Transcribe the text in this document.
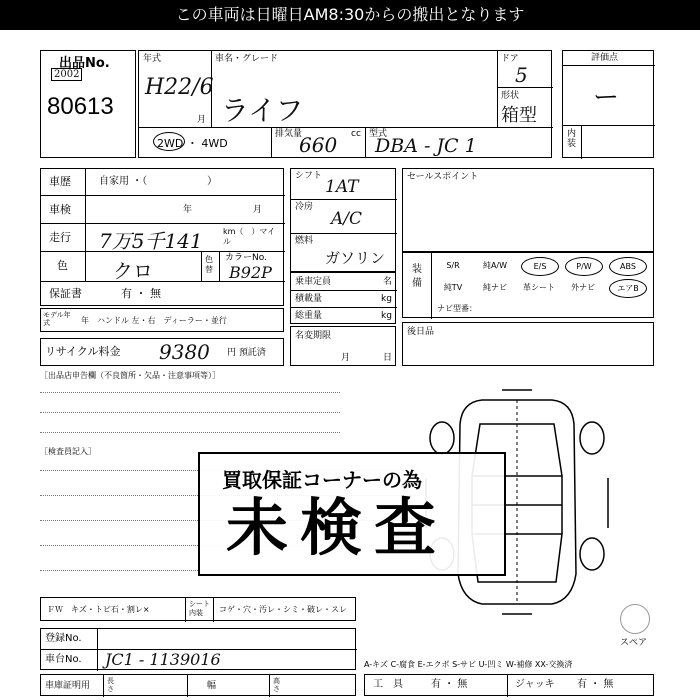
この車両は日曜日AM8:30からの搬出となります
出品No.
2002
80613
年式
H22/6
月
車名・グレード
ライフ
ドア
5
形状
箱型
2WD ・ 4WD
排気量
660 cc 型式
DBA - JC 1
評価点
ー
内装
車歴	自家用 ・（　　　　　　）
車検	年	月
走行 7万5千141	km（　）マイル
色 クロ	色替
カラーNo.
B92P
保証書	有 ・ 無
モデル年式	年　ハンドル 左・右　ディーラー・並行
リサイクル料金 9380 円 預託済
シフト
1AT
冷房
A/C
燃料
ガソリン
乗車定員	名
積載量	kg
総重量	kg
名変期限
月	日
セールスポイント
装備
S/R	純A/W	E/S	P/W	ABS
純TV	純ナビ	革シート	外ナビ	エアB
ナビ型番：
後日品
［出品店申告欄（不良箇所・欠品・注意事項等）］
［検査員記入］
買取保証コーナーの為
未検査
ＦＷ　キズ・トビ石・割レ×
シート内装	コゲ・穴・汚レ・シミ・破レ・スレ
スペア
登録No.
車台No. JC1 - 1139016	A-キズ C-腐食 E-エクボ S-サビ U-凹ミ W-補修 XX-交換済
車庫証明用 長さ	幅	高さ	工　具	有 ・ 無	ジャッキ 有 ・ 無
